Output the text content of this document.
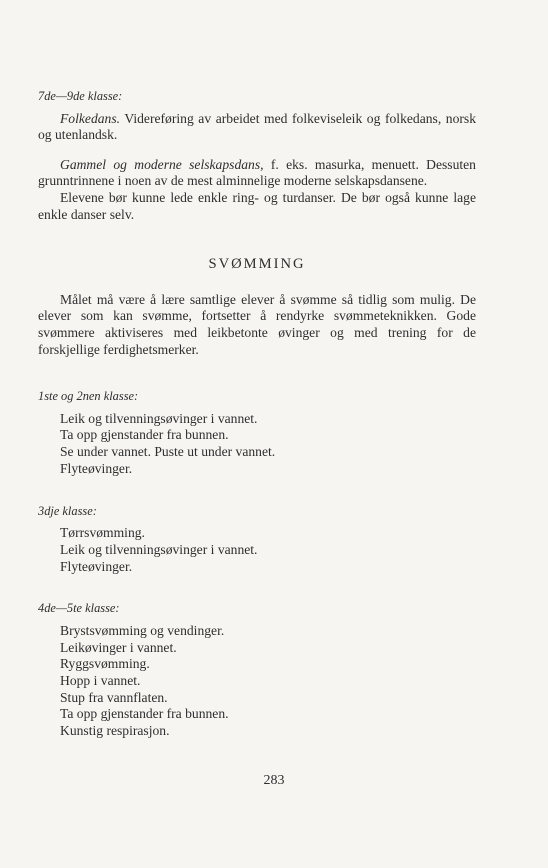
7de—9de klasse:

Folkedans. Videreføring av arbeidet med folkeviseleik og folkedans, norsk og utenlandsk.

Gammel og moderne selskapsdans, f. eks. masurka, menuett. Dessuten grunntrinnene i noen av de mest alminnelige moderne selskapsdansene.

Elevene bør kunne lede enkle ring- og turdanser. De bør også kunne lage enkle danser selv.

SVØMMING

Målet må være å lære samtlige elever å svømme så tidlig som mulig. De elever som kan svømme, fortsetter å rendyrke svømmeteknikken. Gode svømmere aktiviseres med leikbetonte øvinger og med trening for de forskjellige ferdighetsmerker.

1ste og 2nen klasse:

Leik og tilvenningsøvinger i vannet.
Ta opp gjenstander fra bunnen.
Se under vannet. Puste ut under vannet.
Flyteøvinger.

3dje klasse:

Tørrsvømming.
Leik og tilvenningsøvinger i vannet.
Flyteøvinger.

4de—5te klasse:

Brystsvømming og vendinger.
Leikøvinger i vannet.
Ryggsvømming.
Hopp i vannet.
Stup fra vannflaten.
Ta opp gjenstander fra bunnen.
Kunstig respirasjon.
283
